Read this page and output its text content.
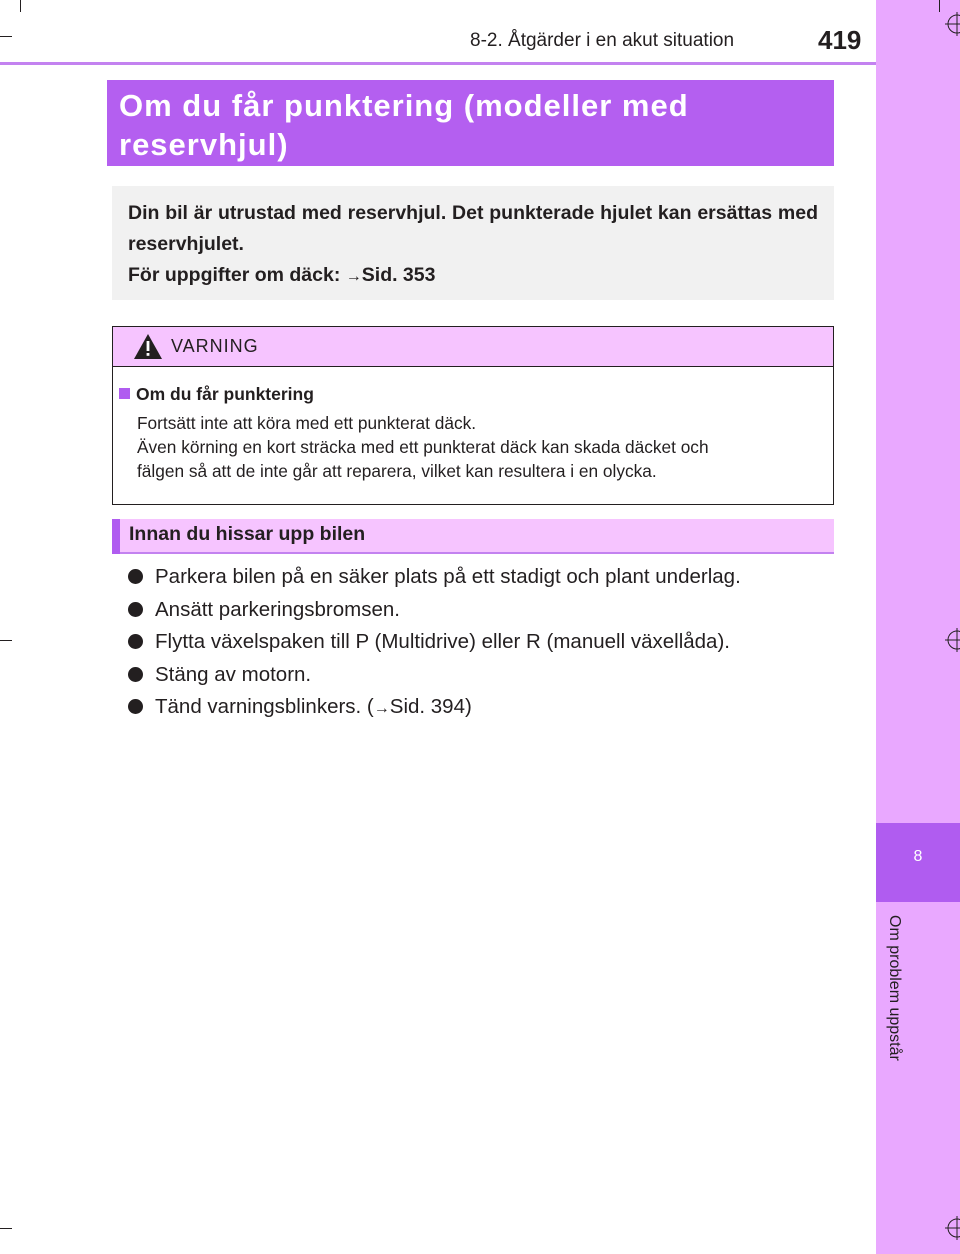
8
Om problem uppstår
8-2. Åtgärder i en akut situation	419
Om du får punktering (modeller med reservhjul)
Din bil är utrustad med reservhjul. Det punkterade hjulet kan ersättas med reservhjulet.
För uppgifter om däck: →Sid. 353
VARNING
Om du får punktering
Fortsätt inte att köra med ett punkterat däck.
Även körning en kort sträcka med ett punkterat däck kan skada däcket och
fälgen så att de inte går att reparera, vilket kan resultera i en olycka.
Innan du hissar upp bilen
Parkera bilen på en säker plats på ett stadigt och plant underlag.
Ansätt parkeringsbromsen.
Flytta växelspaken till P (Multidrive) eller R (manuell växellåda).
Stäng av motorn.
Tänd varningsblinkers. (→Sid. 394)
